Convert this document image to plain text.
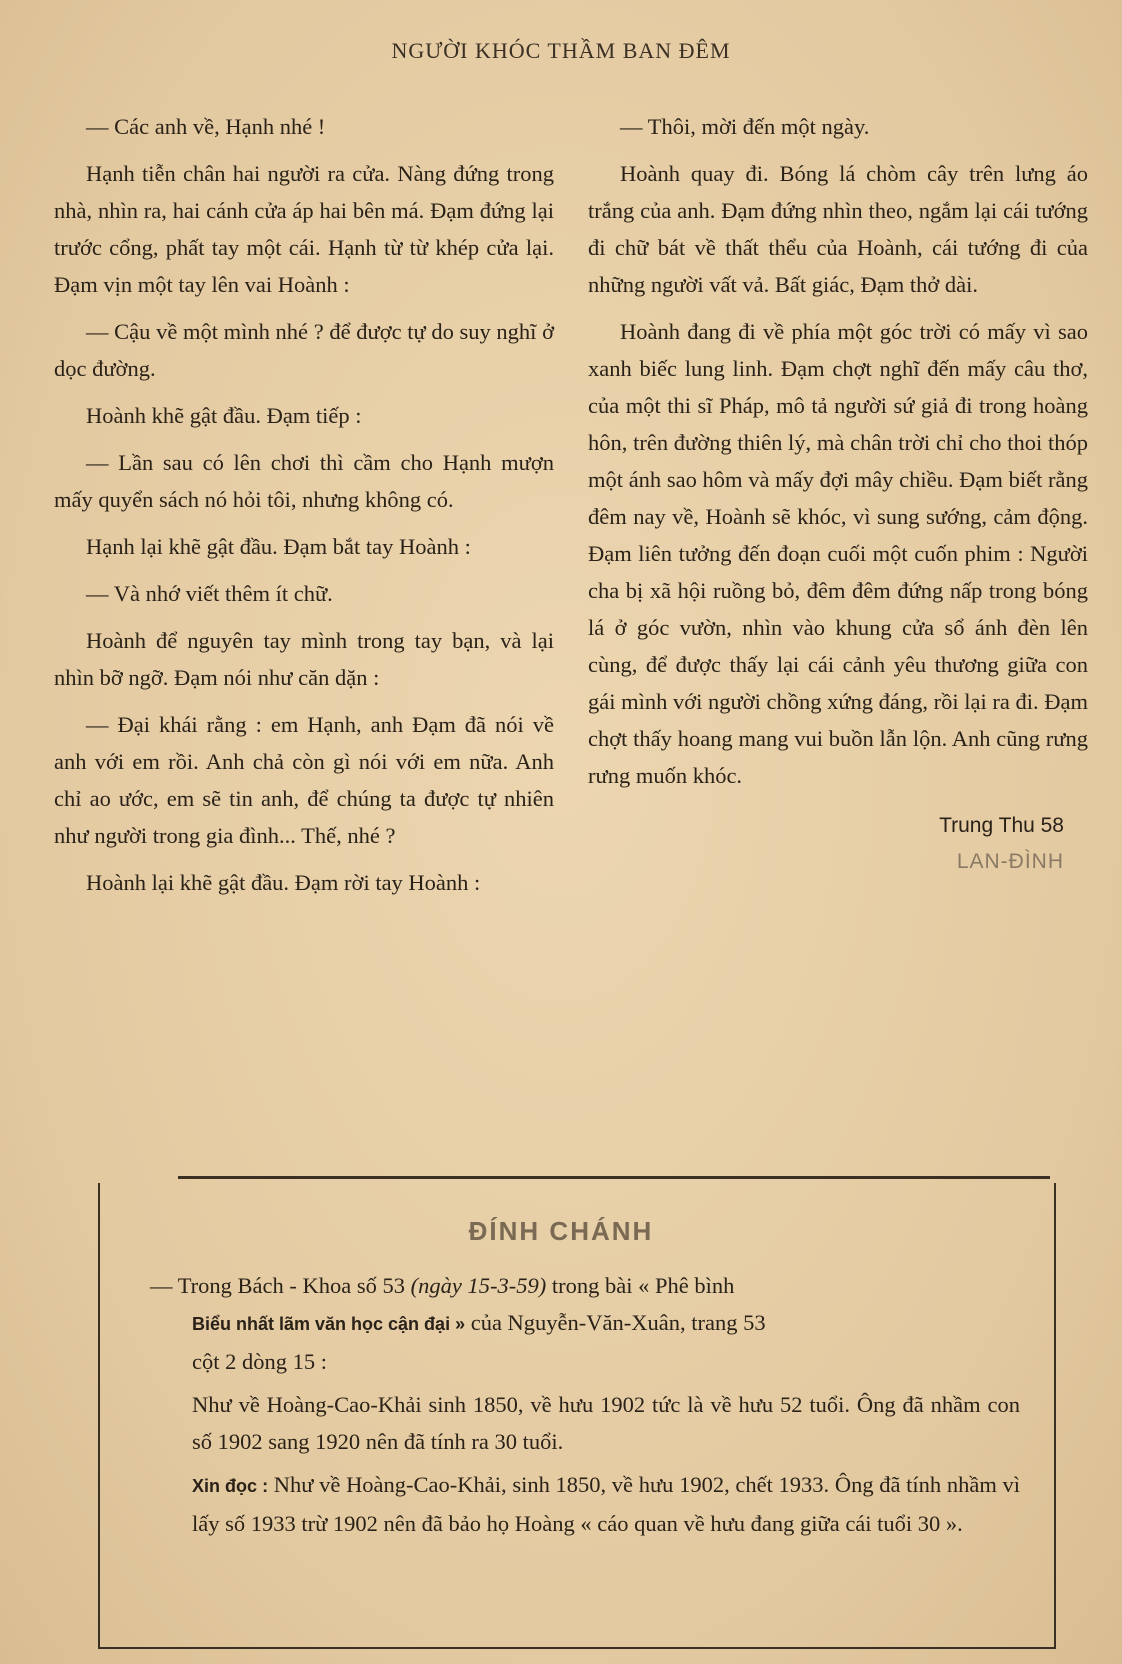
NGƯỜI KHÓC THẦM BAN ĐÊM

— Các anh về, Hạnh nhé !

Hạnh tiễn chân hai người ra cửa. Nàng đứng trong nhà, nhìn ra, hai cánh cửa áp hai bên má. Đạm đứng lại trước cổng, phất tay một cái. Hạnh từ từ khép cửa lại. Đạm vịn một tay lên vai Hoành :

— Cậu về một mình nhé ? để được tự do suy nghĩ ở dọc đường.

Hoành khẽ gật đầu. Đạm tiếp :

— Lần sau có lên chơi thì cầm cho Hạnh mượn mấy quyển sách nó hỏi tôi, nhưng không có.

Hạnh lại khẽ gật đầu. Đạm bắt tay Hoành :

— Và nhớ viết thêm ít chữ.

Hoành để nguyên tay mình trong tay bạn, và lại nhìn bỡ ngỡ. Đạm nói như căn dặn :

— Đại khái rằng : em Hạnh, anh Đạm đã nói về anh với em rồi. Anh chả còn gì nói với em nữa. Anh chỉ ao ước, em sẽ tin anh, để chúng ta được tự nhiên như người trong gia đình... Thế, nhé ?

Hoành lại khẽ gật đầu. Đạm rời tay Hoành :

— Thôi, mời đến một ngày.

Hoành quay đi. Bóng lá chòm cây trên lưng áo trắng của anh. Đạm đứng nhìn theo, ngắm lại cái tướng đi chữ bát về thất thểu của Hoành, cái tướng đi của những người vất vả. Bất giác, Đạm thở dài.

Hoành đang đi về phía một góc trời có mấy vì sao xanh biếc lung linh. Đạm chợt nghĩ đến mấy câu thơ, của một thi sĩ Pháp, mô tả người sứ giả đi trong hoàng hôn, trên đường thiên lý, mà chân trời chỉ cho thoi thóp một ánh sao hôm và mấy đợi mây chiều. Đạm biết rằng đêm nay về, Hoành sẽ khóc, vì sung sướng, cảm động. Đạm liên tưởng đến đoạn cuối một cuốn phim : Người cha bị xã hội ruồng bỏ, đêm đêm đứng nấp trong bóng lá ở góc vườn, nhìn vào khung cửa sổ ánh đèn lên cùng, để được thấy lại cái cảnh yêu thương giữa con gái mình với người chồng xứng đáng, rồi lại ra đi. Đạm chợt thấy hoang mang vui buồn lẫn lộn. Anh cũng rưng rưng muốn khóc.

Trung Thu 58
LAN-ĐÌNH
ĐÍNH CHÁNH

— Trong Bách - Khoa số 53 (ngày 15-3-59) trong bài « Phê bình
Biểu nhất lãm văn học cận đại » của Nguyễn-Văn-Xuân, trang 53
cột 2 dòng 15 :

Như về Hoàng-Cao-Khải sinh 1850, về hưu 1902 tức là về hưu 52 tuổi. Ông đã nhầm con số 1902 sang 1920 nên đã tính ra 30 tuổi.

Xin đọc : Như về Hoàng-Cao-Khải, sinh 1850, về hưu 1902, chết 1933. Ông đã tính nhầm vì lấy số 1933 trừ 1902 nên đã bảo họ Hoàng « cáo quan về hưu đang giữa cái tuổi 30 ».
